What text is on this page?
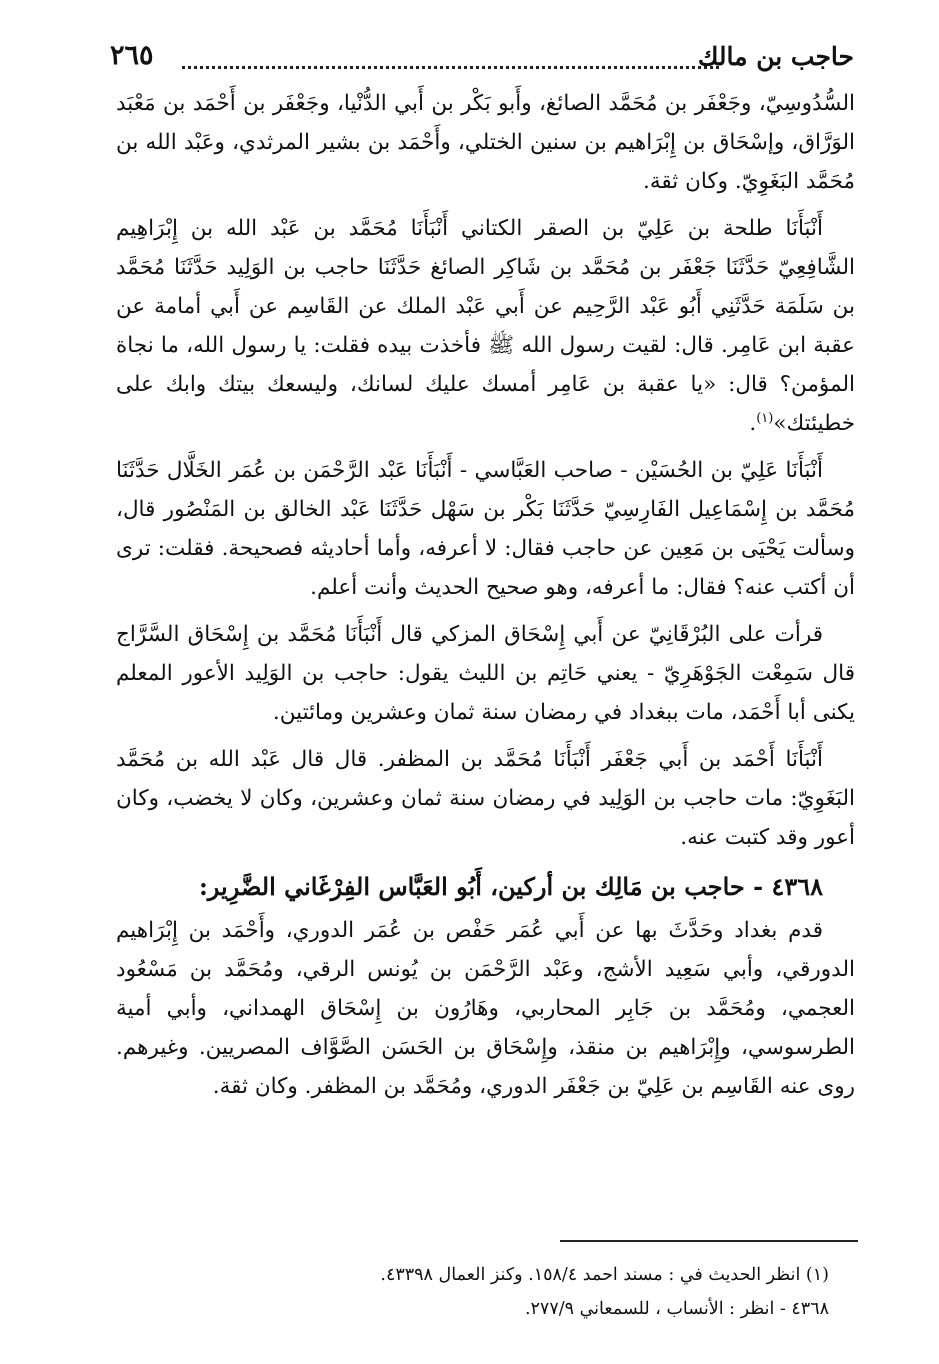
حاجب بن مالك
٢٦٥

السُّدُوسِيّ، وجَعْفَر بن مُحَمَّد الصائغ، وأَبو بَكْر بن أَبي الدُّنْيا، وجَعْفَر بن أَحْمَد بن مَعْبَد الوَرَّاق، وإسْحَاق بن إِبْرَاهيم بن سنين الختلي، وأَحْمَد بن بشير المرثدي، وعَبْد الله بن مُحَمَّد البَغَوِيّ. وكان ثقة.

أَنْبَأَنَا طلحة بن عَلِيّ بن الصقر الكتاني أَنْبَأَنَا مُحَمَّد بن عَبْد الله بن إِبْرَاهِيم الشَّافِعِيّ حَدَّثَنَا جَعْفَر بن مُحَمَّد بن شَاكِر الصائغ حَدَّثَنَا حاجب بن الوَلِيد حَدَّثَنَا مُحَمَّد بن سَلَمَة حَدَّثَنِي أَبُو عَبْد الرَّحِيم عن أَبي عَبْد الملك عن القَاسِم عن أَبي أمامة عن عقبة ابن عَامِر. قال: لقيت رسول الله ﷺ فأخذت بيده فقلت: يا رسول الله، ما نجاة المؤمن؟ قال: «يا عقبة بن عَامِر أمسك عليك لسانك، وليسعك بيتك وابك على خطيئتك»$^{(١)}$.

أَنْبَأَنَا عَلِيّ بن الحُسَيْن - صاحب العَبَّاسي - أَنْبَأَنَا عَبْد الرَّحْمَن بن عُمَر الخَلَّال حَدَّثَنَا مُحَمَّد بن إِسْمَاعِيل الفَارِسِيّ حَدَّثَنَا بَكْر بن سَهْل حَدَّثَنَا عَبْد الخالق بن المَنْصُور قال، وسألت يَحْيَى بن مَعِين عن حاجب فقال: لا أعرفه، وأما أحاديثه فصحيحة. فقلت: ترى أن أكتب عنه؟ فقال: ما أعرفه، وهو صحيح الحديث وأنت أعلم.

قرأت على البُرْقَانِيّ عن أَبي إِسْحَاق المزكي قال أَنْبَأَنَا مُحَمَّد بن إِسْحَاق السَّرَّاج قال سَمِعْت الجَوْهَرِيّ - يعني حَاتِم بن الليث يقول: حاجب بن الوَلِيد الأعور المعلم يكنى أبا أَحْمَد، مات ببغداد في رمضان سنة ثمان وعشرين ومائتين.

أَنْبَأَنَا أَحْمَد بن أَبي جَعْفَر أَنْبَأَنَا مُحَمَّد بن المظفر. قال قال عَبْد الله بن مُحَمَّد البَغَوِيّ: مات حاجب بن الوَلِيد في رمضان سنة ثمان وعشرين، وكان لا يخضب، وكان أعور وقد كتبت عنه.

٤٣٦٨ - حاجب بن مَالِك بن أركين، أَبُو العَبَّاس الفِرْغَاني الضَّرِير:

قدم بغداد وحَدَّثَ بها عن أَبي عُمَر حَفْص بن عُمَر الدوري، وأَحْمَد بن إِبْرَاهيم الدورقي، وأبي سَعِيد الأشج، وعَبْد الرَّحْمَن بن يُونس الرقي، ومُحَمَّد بن مَسْعُود العجمي، ومُحَمَّد بن جَابِر المحاربي، وهَارُون بن إِسْحَاق الهمداني، وأبي أمية الطرسوسي، وإِبْرَاهيم بن منقذ، وإِسْحَاق بن الحَسَن الصَّوَّاف المصريين. وغيرهم. روى عنه القَاسِم بن عَلِيّ بن جَعْفَر الدوري، ومُحَمَّد بن المظفر. وكان ثقة.

(١) انظر الحديث في : مسند احمد ١٥٨/٤. وكنز العمال ٤٣٣٩٨.

٤٣٦٨ - انظر : الأنساب ، للسمعاني ٢٧٧/٩.
